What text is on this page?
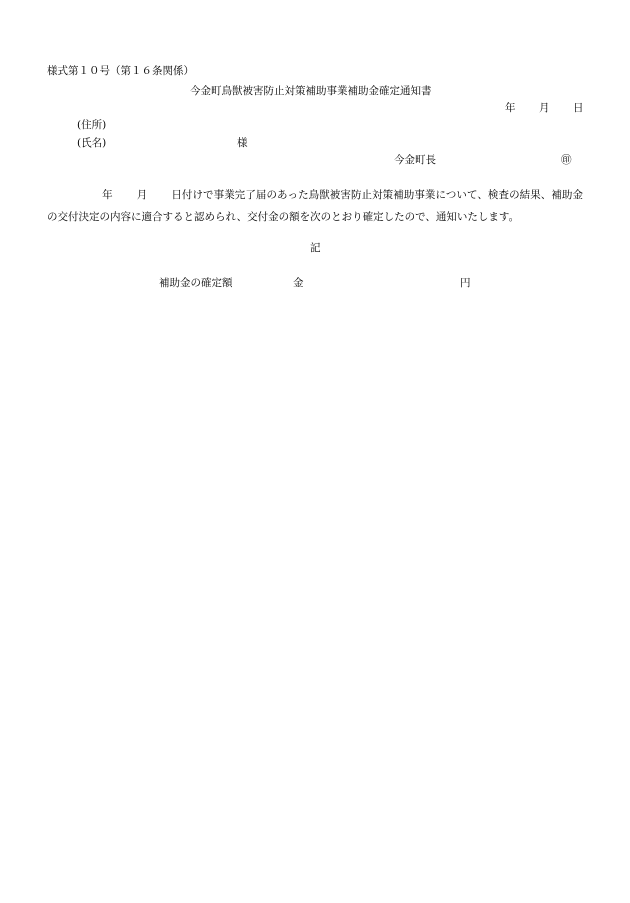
様式第１０号（第１６条関係）
今金町鳥獣被害防止対策補助事業補助金確定通知書
年 月 日
(住所)
(氏名)	様
今金町長	㊞
年 月 日付けで事業完了届のあった鳥獣被害防止対策補助事業について、検査の結果、補助金の交付決定の内容に適合すると認められ、交付金の額を次のとおり確定したので、通知いたします。
記
補助金の確定額	金	円
